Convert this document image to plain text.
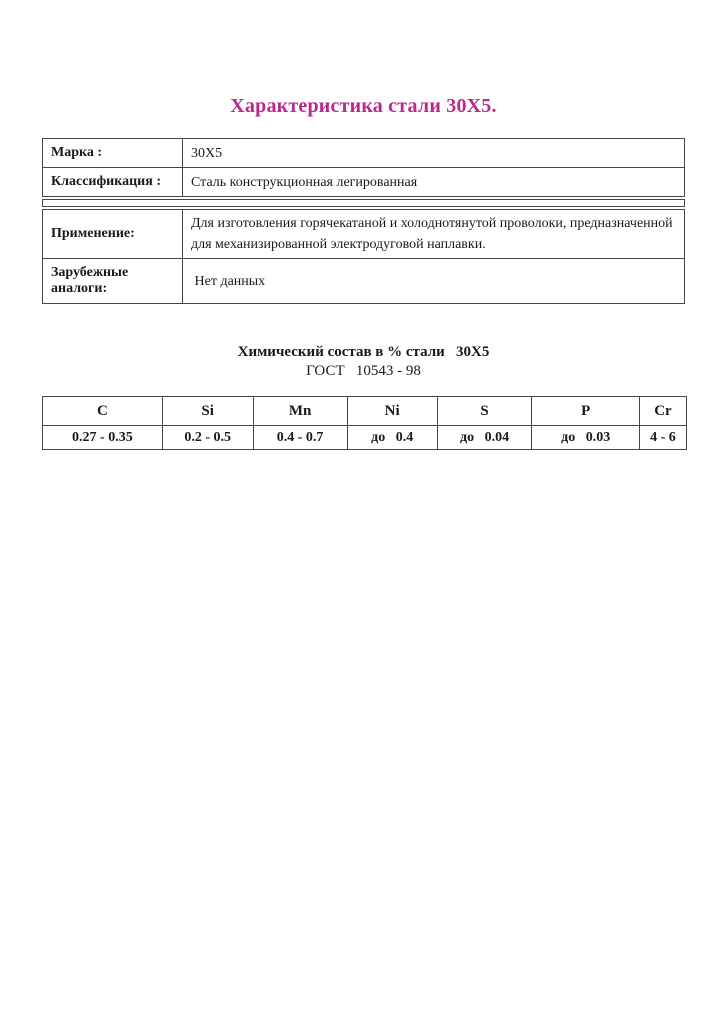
Характеристика стали 30Х5.
Марка :	30Х5
Классификация :	Сталь конструкционная легированная
Применение:	Для изготовления горячекатаной и холоднотянутой проволоки, предназначенной для механизированной электродуговой наплавки.
Зарубежные аналоги:	Нет данных
Химический состав в % стали   30Х5
ГОСТ   10543 - 98
C	Si	Mn	Ni	S	P	Cr
0.27 - 0.35	0.2 - 0.5	0.4 - 0.7	до   0.4	до   0.04	до   0.03	4 - 6
